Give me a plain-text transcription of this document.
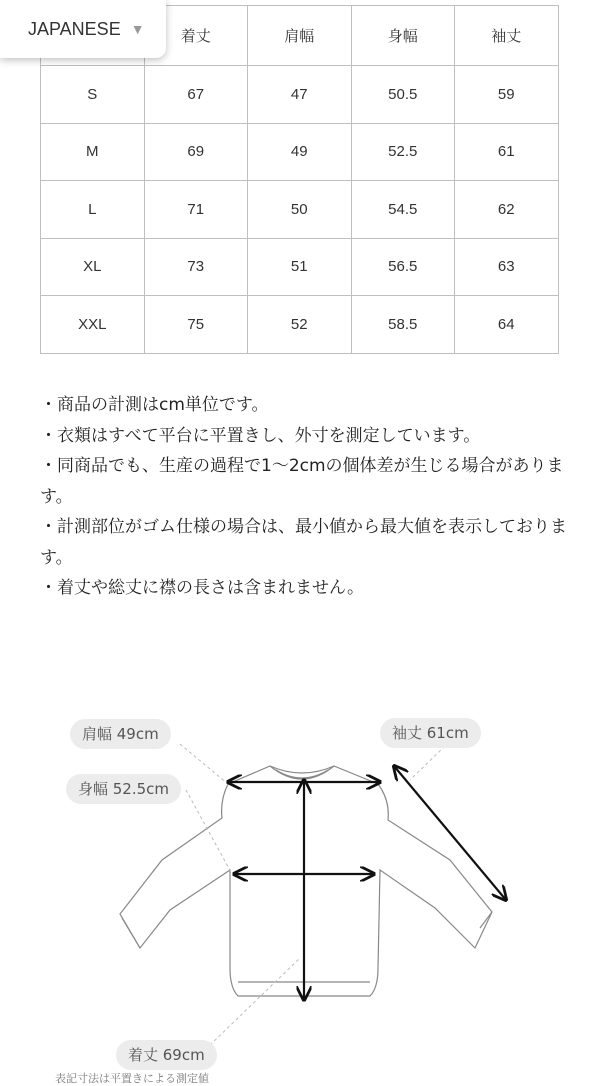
JAPANESE ▼
	着丈	肩幅	身幅	袖丈
S	67	47	50.5	59
M	69	49	52.5	61
L	71	50	54.5	62
XL	73	51	56.5	63
XXL	75	52	58.5	64

・商品の計測はcm単位です。

・衣類はすべて平台に平置きし、外寸を測定しています。

・同商品でも、生産の過程で1～2cmの個体差が生じる場合があります。

・計測部位がゴム仕様の場合は、最小値から最大値を表示しております。

・着丈や総丈に襟の長さは含まれません。

肩幅 49cm
身幅 52.5cm
袖丈 61cm
着丈 69cm
表記寸法は平置きによる測定値
